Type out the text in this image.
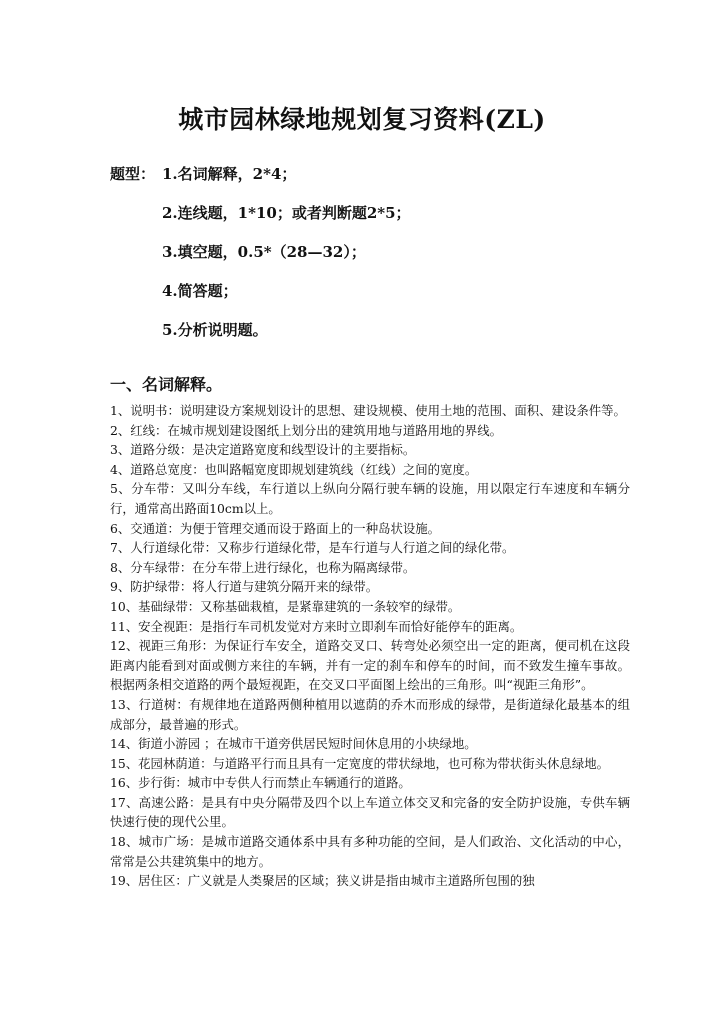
城市园林绿地规划复习资料(ZL)
题型： 1.名词解释，2*4；
2.连线题，1*10；或者判断题2*5；
3.填空题，0.5*（28—32）；
4.简答题；
5.分析说明题。
一、名词解释。

1、说明书：说明建设方案规划设计的思想、建设规模、使用土地的范围、面积、建设条件等。

2、红线：在城市规划建设图纸上划分出的建筑用地与道路用地的界线。

3、道路分级：是决定道路宽度和线型设计的主要指标。

4、道路总宽度：也叫路幅宽度即规划建筑线（红线）之间的宽度。

5、分车带：又叫分车线，车行道以上纵向分隔行驶车辆的设施，用以限定行车速度和车辆分行，通常高出路面10cm以上。

6、交通道：为便于管理交通而设于路面上的一种岛状设施。

7、人行道绿化带：又称步行道绿化带，是车行道与人行道之间的绿化带。

8、分车绿带：在分车带上进行绿化，也称为隔离绿带。

9、防护绿带：将人行道与建筑分隔开来的绿带。

10、基础绿带：又称基础栽植，是紧靠建筑的一条较窄的绿带。

11、安全视距：是指行车司机发觉对方来时立即刹车而恰好能停车的距离。

12、视距三角形：为保证行车安全，道路交叉口、转弯处必须空出一定的距离，便司机在这段距离内能看到对面或侧方来往的车辆，并有一定的刹车和停车的时间，而不致发生撞车事故。根据两条相交道路的两个最短视距，在交叉口平面图上绘出的三角形。叫“视距三角形”。

13、行道树：有规律地在道路两侧种植用以遮荫的乔木而形成的绿带，是街道绿化最基本的组成部分，最普遍的形式。

14、街道小游园 ；在城市干道旁供居民短时间休息用的小块绿地。

15、花园林荫道：与道路平行而且具有一定宽度的带状绿地，也可称为带状街头休息绿地。

16、步行街：城市中专供人行而禁止车辆通行的道路。

17、高速公路：是具有中央分隔带及四个以上车道立体交叉和完备的安全防护设施，专供车辆快速行使的现代公里。

18、城市广场：是城市道路交通体系中具有多种功能的空间，是人们政治、文化活动的中心，常常是公共建筑集中的地方。

19、居住区：广义就是人类聚居的区域；狭义讲是指由城市主道路所包围的独
